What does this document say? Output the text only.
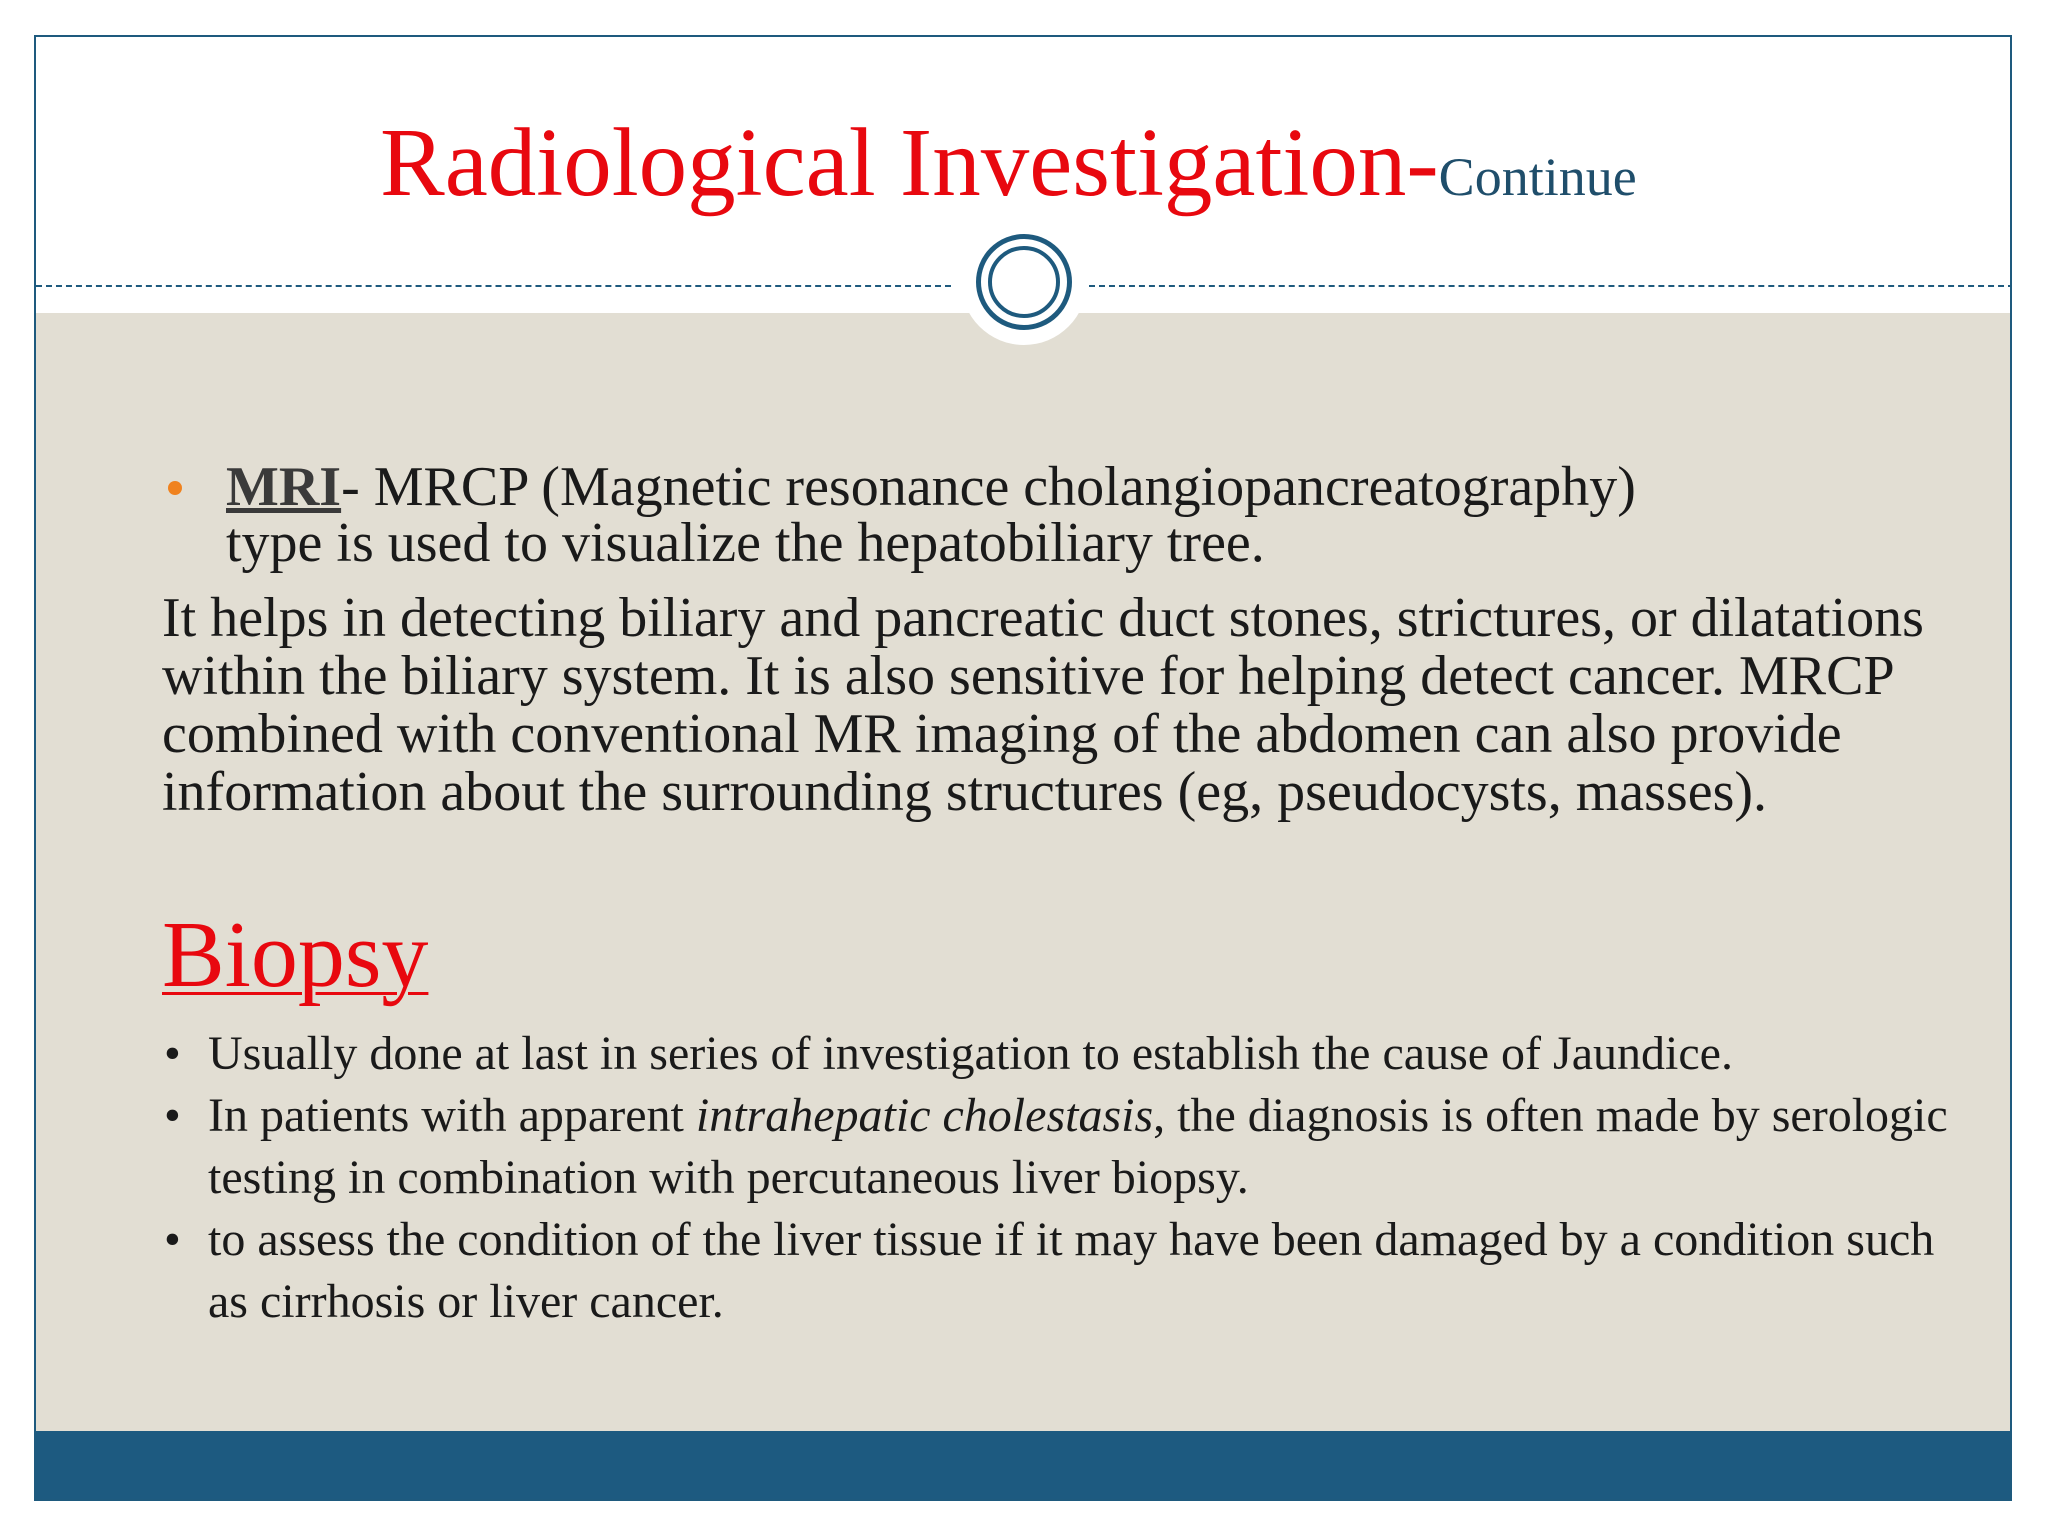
Radiological Investigation-Continue
MRI- MRCP (Magnetic resonance cholangiopancreatography)
type is used to visualize the hepatobiliary tree.
It helps in detecting biliary and pancreatic duct stones, strictures, or dilatations within the biliary system. It is also sensitive for helping detect cancer. MRCP combined with conventional MR imaging of the abdomen can also provide information about the surrounding structures (eg, pseudocysts, masses).
Biopsy
• Usually done at last in series of investigation to establish the cause of Jaundice.
• In patients with apparent intrahepatic cholestasis, the diagnosis is often made by serologic testing in combination with percutaneous liver biopsy.
• to assess the condition of the liver tissue if it may have been damaged by a condition such as cirrhosis or liver cancer.
